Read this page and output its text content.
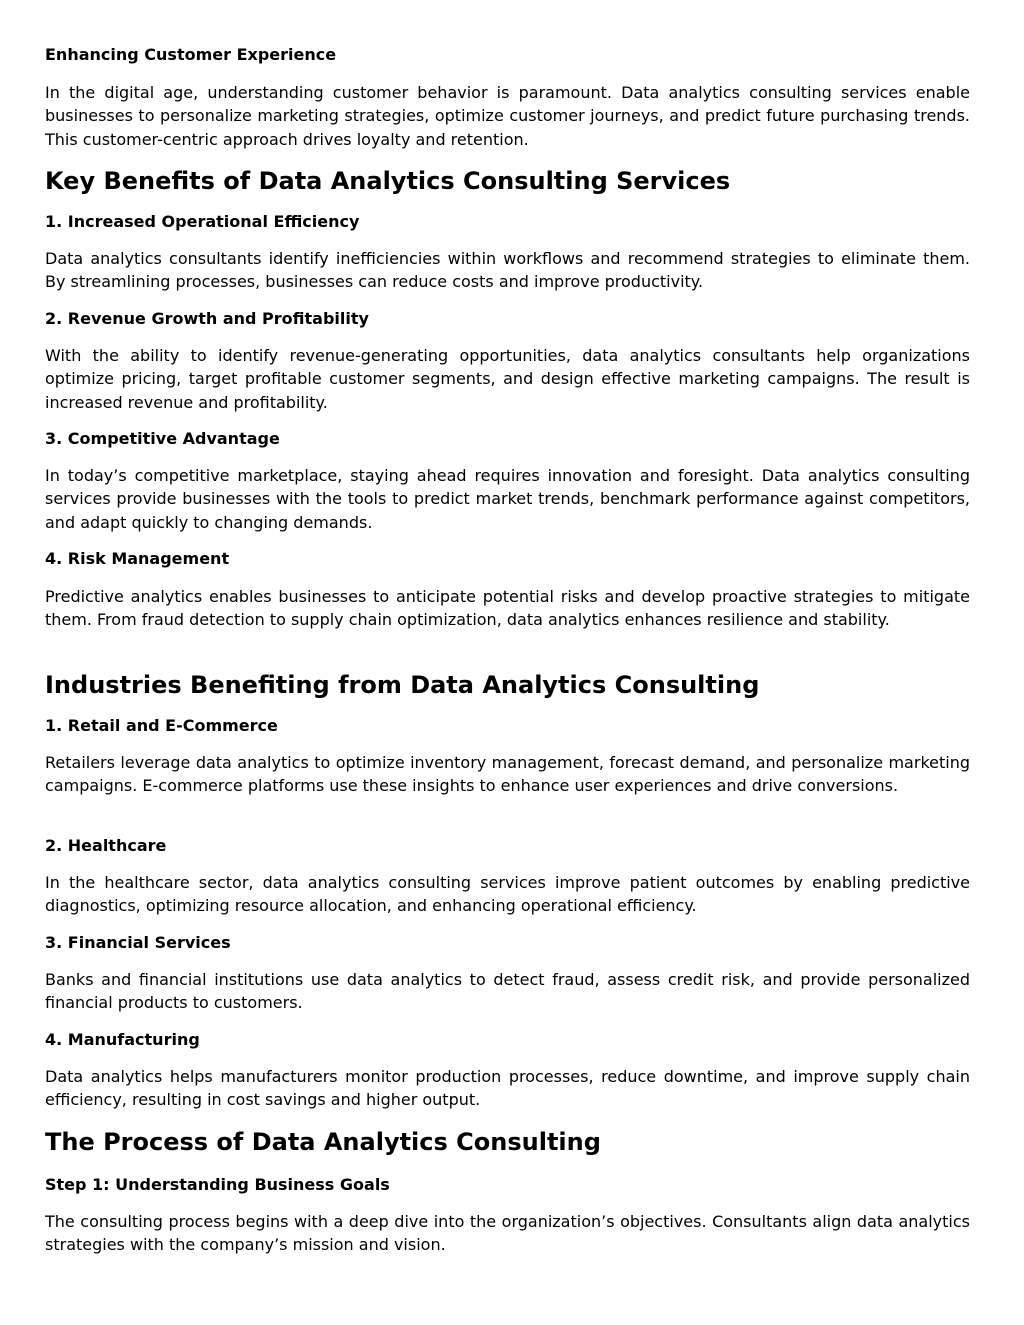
Enhancing Customer Experience

In the digital age, understanding customer behavior is paramount. Data analytics consulting services enable businesses to personalize marketing strategies, optimize customer journeys, and predict future purchasing trends. This customer-centric approach drives loyalty and retention.

Key Benefits of Data Analytics Consulting Services
1. Increased Operational Efficiency

Data analytics consultants identify inefficiencies within workflows and recommend strategies to eliminate them. By streamlining processes, businesses can reduce costs and improve productivity.

2. Revenue Growth and Profitability

With the ability to identify revenue-generating opportunities, data analytics consultants help organizations optimize pricing, target profitable customer segments, and design effective marketing campaigns. The result is increased revenue and profitability.

3. Competitive Advantage

In today’s competitive marketplace, staying ahead requires innovation and foresight. Data analytics consulting services provide businesses with the tools to predict market trends, benchmark performance against competitors, and adapt quickly to changing demands.

4. Risk Management

Predictive analytics enables businesses to anticipate potential risks and develop proactive strategies to mitigate them. From fraud detection to supply chain optimization, data analytics enhances resilience and stability.

Industries Benefiting from Data Analytics Consulting
1. Retail and E-Commerce

Retailers leverage data analytics to optimize inventory management, forecast demand, and personalize marketing campaigns. E-commerce platforms use these insights to enhance user experiences and drive conversions.

2. Healthcare

In the healthcare sector, data analytics consulting services improve patient outcomes by enabling predictive diagnostics, optimizing resource allocation, and enhancing operational efficiency.

3. Financial Services

Banks and financial institutions use data analytics to detect fraud, assess credit risk, and provide personalized financial products to customers.

4. Manufacturing

Data analytics helps manufacturers monitor production processes, reduce downtime, and improve supply chain efficiency, resulting in cost savings and higher output.

The Process of Data Analytics Consulting
Step 1: Understanding Business Goals

The consulting process begins with a deep dive into the organization’s objectives. Consultants align data analytics strategies with the company’s mission and vision.
